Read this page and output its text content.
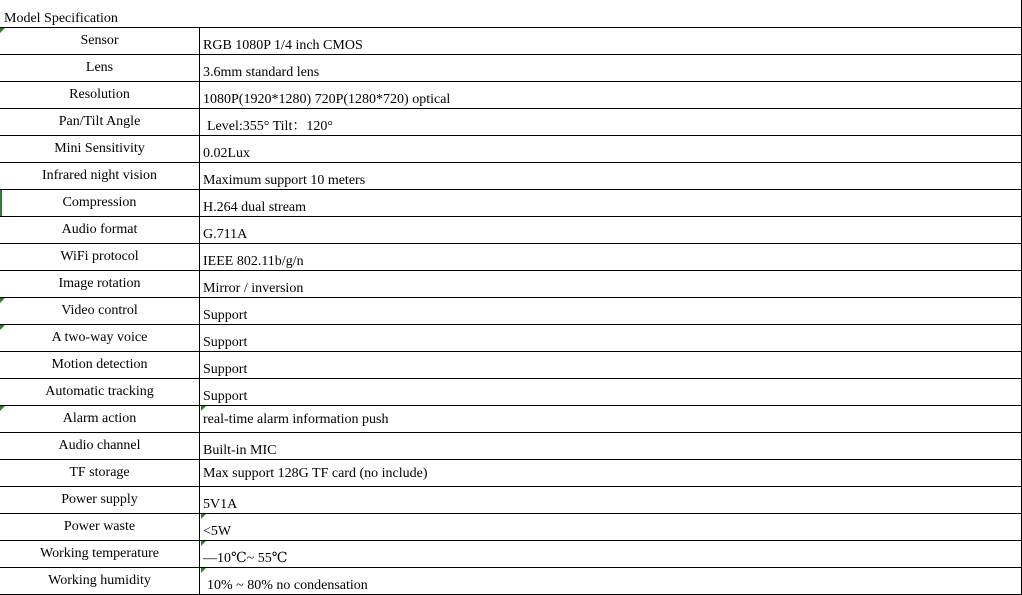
Model Specification
Sensor	RGB 1080P 1/4 inch CMOS
Lens	3.6mm standard lens
Resolution	1080P(1920*1280) 720P(1280*720) optical
Pan/Tilt Angle	Level:355° Tilt：120°
Mini Sensitivity	0.02Lux
Infrared night vision	Maximum support 10 meters
Compression	H.264 dual stream
Audio format	G.711A
WiFi protocol	IEEE 802.11b/g/n
Image rotation	Mirror / inversion
Video control	Support
A two-way voice	Support
Motion detection	Support
Automatic tracking	Support
Alarm action	real-time alarm information push
Audio channel	Built-in MIC
TF storage	Max support 128G TF card (no include)
Power supply	5V1A
Power waste	<5W
Working temperature	—10℃~ 55℃
Working humidity	10% ~ 80% no condensation
